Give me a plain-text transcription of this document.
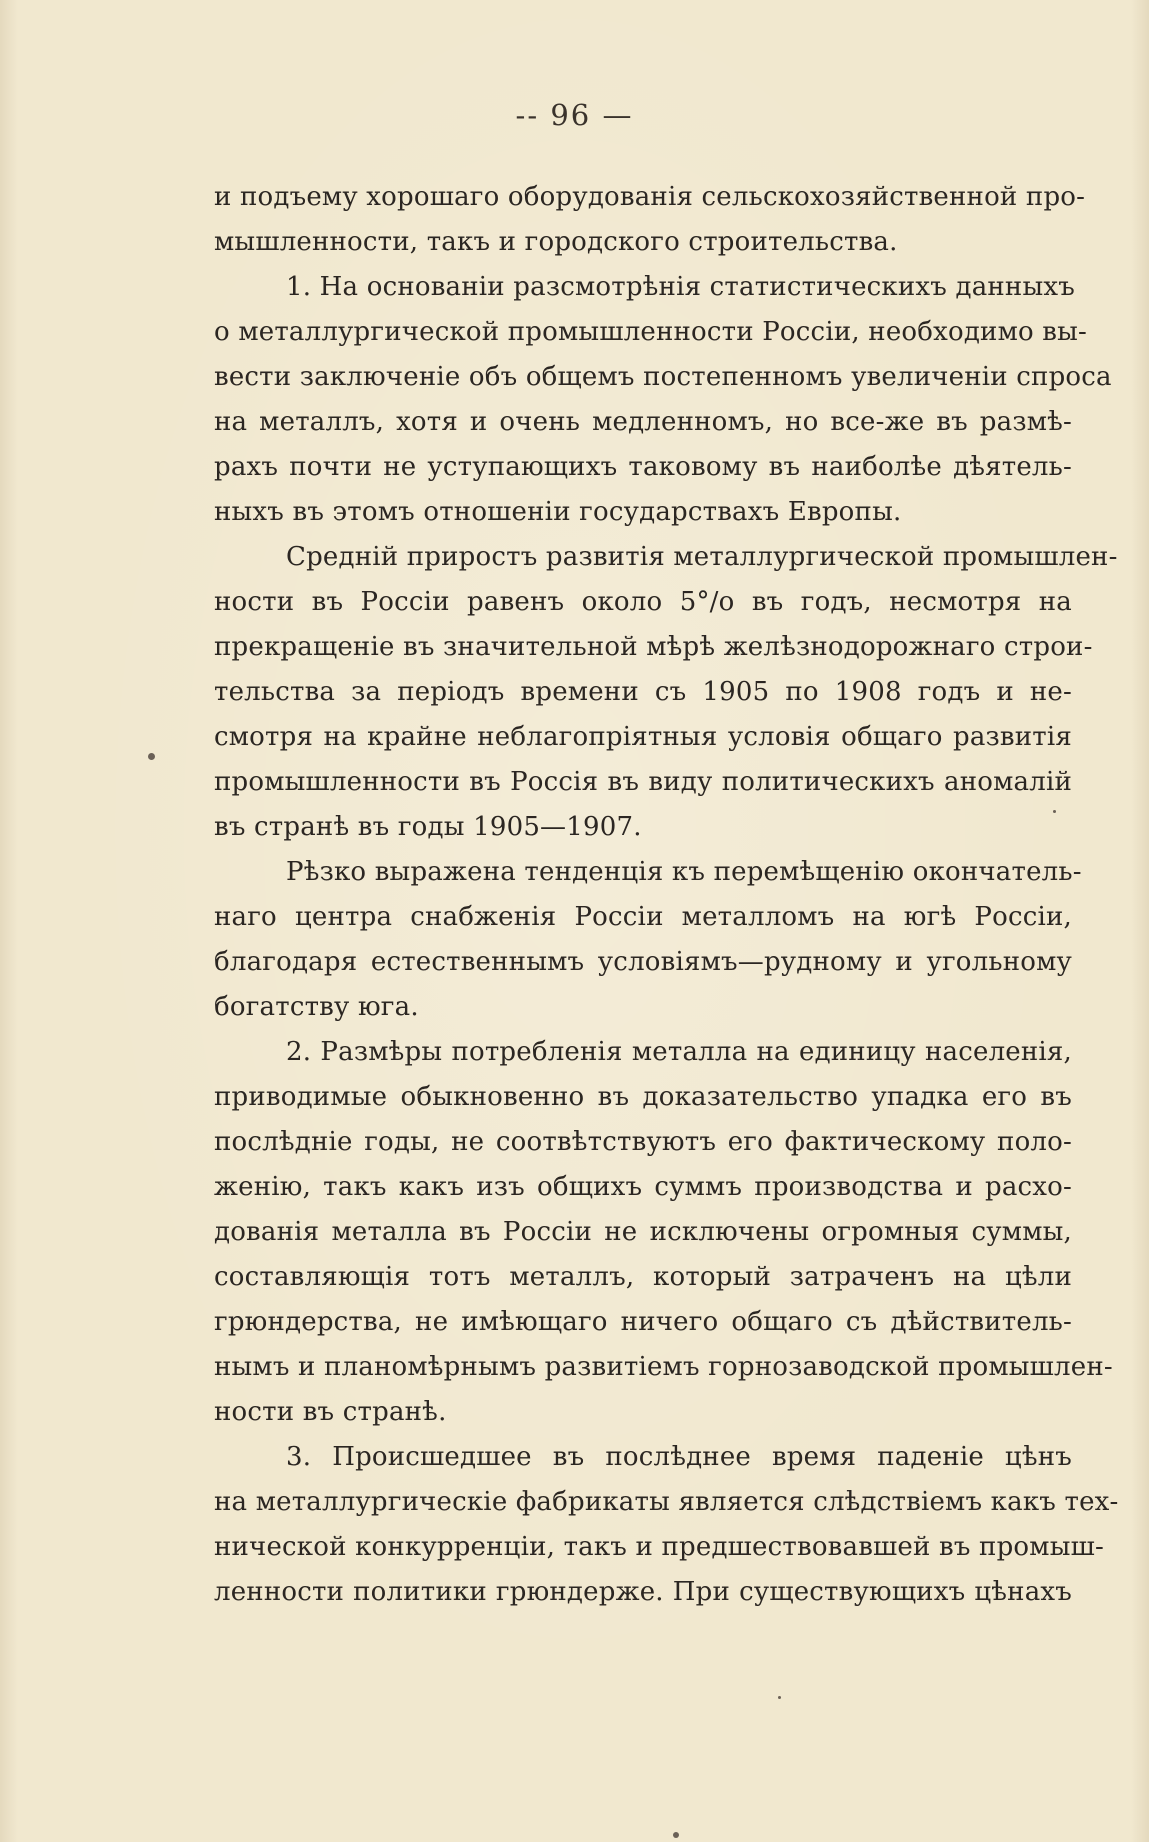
-- 96 —
и подъему хорошаго оборудованія сельскохозяйственной про-
мышленности, такъ и городского строительства.
1. На основаніи разсмотрѣнія статистическихъ данныхъ
о металлургической промышленности Россіи, необходимо вы-
вести заключеніе объ общемъ постепенномъ увеличеніи спроса
на металлъ, хотя и очень медленномъ, но все-же въ размѣ-
рахъ почти не уступающихъ таковому въ наиболѣе дѣятель-
ныхъ въ этомъ отношеніи государствахъ Европы.
Средній приростъ развитія металлургической промышлен-
ности въ Россіи равенъ около 5°/o въ годъ, несмотря на
прекращеніе въ значительной мѣрѣ желѣзнодорожнаго строи-
тельства за періодъ времени съ 1905 по 1908 годъ и не-
смотря на крайне неблагопріятныя условія общаго развитія
промышленности въ Россія въ виду политическихъ аномалій
въ странѣ въ годы 1905—1907.
Рѣзко выражена тенденція къ перемѣщенію окончатель-
наго центра снабженія Россіи металломъ на югѣ Россіи,
благодаря естественнымъ условіямъ—рудному и угольному
богатству юга.
2. Размѣры потребленія металла на единицу населенія,
приводимые обыкновенно въ доказательство упадка его въ
послѣдніе годы, не соотвѣтствуютъ его фактическому поло-
женію, такъ какъ изъ общихъ суммъ производства и расхо-
дованія металла въ Россіи не исключены огромныя суммы,
составляющія тотъ металлъ, который затраченъ на цѣли
грюндерства, не имѣющаго ничего общаго съ дѣйствитель-
нымъ и планомѣрнымъ развитіемъ горнозаводской промышлен-
ности въ странѣ.
3. Происшедшее въ послѣднее время паденіе цѣнъ
на металлургическіе фабрикаты является слѣдствіемъ какъ тех-
нической конкурренціи, такъ и предшествовавшей въ промыш-
ленности политики грюндерже. При существующихъ цѣнахъ
